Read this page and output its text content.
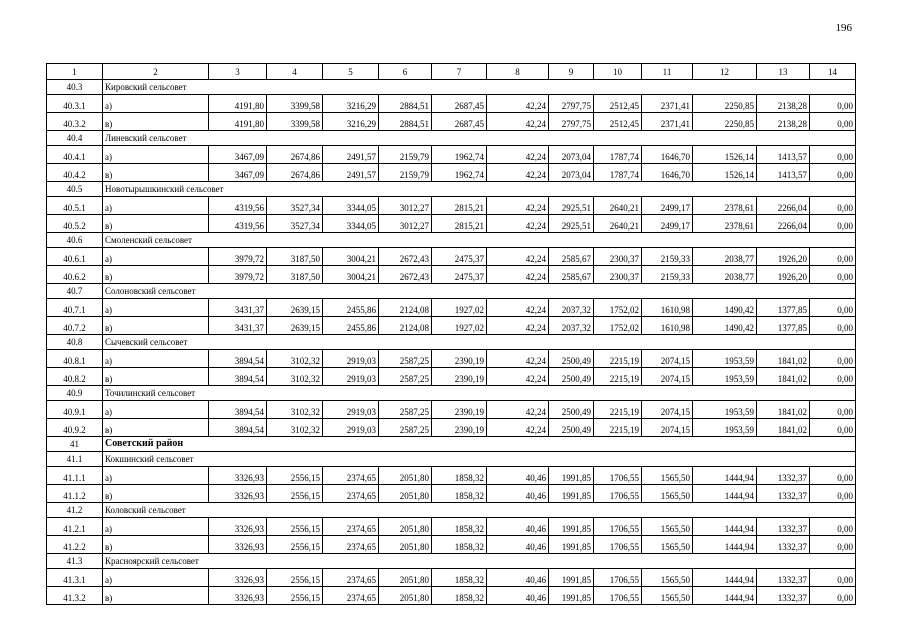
196
1	2	3	4	5	6	7	8	9	10	11	12	13	14
40.3	Кировский сельсовет												
40.3.1	а)	4191,80	3399,58	3216,29	2884,51	2687,45	42,24	2797,75	2512,45	2371,41	2250,85	2138,28	0,00
40.3.2	в)	4191,80	3399,58	3216,29	2884,51	2687,45	42,24	2797,75	2512,45	2371,41	2250,85	2138,28	0,00
40.4	Линевский сельсовет												
40.4.1	а)	3467,09	2674,86	2491,57	2159,79	1962,74	42,24	2073,04	1787,74	1646,70	1526,14	1413,57	0,00
40.4.2	в)	3467,09	2674,86	2491,57	2159,79	1962,74	42,24	2073,04	1787,74	1646,70	1526,14	1413,57	0,00
40.5	Новотырышкинский сельсовет												
40.5.1	а)	4319,56	3527,34	3344,05	3012,27	2815,21	42,24	2925,51	2640,21	2499,17	2378,61	2266,04	0,00
40.5.2	в)	4319,56	3527,34	3344,05	3012,27	2815,21	42,24	2925,51	2640,21	2499,17	2378,61	2266,04	0,00
40.6	Смоленский сельсовет												
40.6.1	а)	3979,72	3187,50	3004,21	2672,43	2475,37	42,24	2585,67	2300,37	2159,33	2038,77	1926,20	0,00
40.6.2	в)	3979,72	3187,50	3004,21	2672,43	2475,37	42,24	2585,67	2300,37	2159,33	2038,77	1926,20	0,00
40.7	Солоновский сельсовет												
40.7.1	а)	3431,37	2639,15	2455,86	2124,08	1927,02	42,24	2037,32	1752,02	1610,98	1490,42	1377,85	0,00
40.7.2	в)	3431,37	2639,15	2455,86	2124,08	1927,02	42,24	2037,32	1752,02	1610,98	1490,42	1377,85	0,00
40.8	Сычевский сельсовет												
40.8.1	а)	3894,54	3102,32	2919,03	2587,25	2390,19	42,24	2500,49	2215,19	2074,15	1953,59	1841,02	0,00
40.8.2	в)	3894,54	3102,32	2919,03	2587,25	2390,19	42,24	2500,49	2215,19	2074,15	1953,59	1841,02	0,00
40.9	Точилинский сельсовет												
40.9.1	а)	3894,54	3102,32	2919,03	2587,25	2390,19	42,24	2500,49	2215,19	2074,15	1953,59	1841,02	0,00
40.9.2	в)	3894,54	3102,32	2919,03	2587,25	2390,19	42,24	2500,49	2215,19	2074,15	1953,59	1841,02	0,00
41	Советский район												
41.1	Кокшинский сельсовет												
41.1.1	а)	3326,93	2556,15	2374,65	2051,80	1858,32	40,46	1991,85	1706,55	1565,50	1444,94	1332,37	0,00
41.1.2	в)	3326,93	2556,15	2374,65	2051,80	1858,32	40,46	1991,85	1706,55	1565,50	1444,94	1332,37	0,00
41.2	Коловский сельсовет												
41.2.1	а)	3326,93	2556,15	2374,65	2051,80	1858,32	40,46	1991,85	1706,55	1565,50	1444,94	1332,37	0,00
41.2.2	в)	3326,93	2556,15	2374,65	2051,80	1858,32	40,46	1991,85	1706,55	1565,50	1444,94	1332,37	0,00
41.3	Красноярский сельсовет												
41.3.1	а)	3326,93	2556,15	2374,65	2051,80	1858,32	40,46	1991,85	1706,55	1565,50	1444,94	1332,37	0,00
41.3.2	в)	3326,93	2556,15	2374,65	2051,80	1858,32	40,46	1991,85	1706,55	1565,50	1444,94	1332,37	0,00
